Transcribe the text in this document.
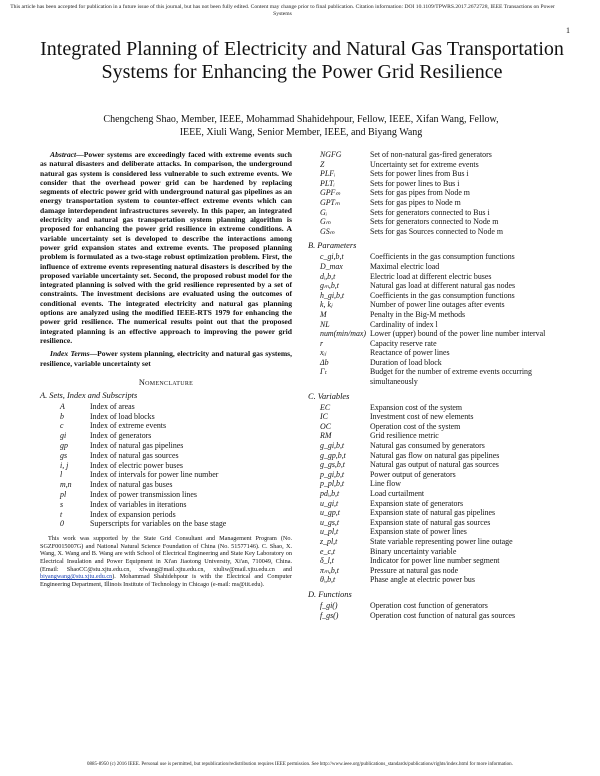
This article has been accepted for publication in a future issue of this journal, but has not been fully edited. Content may change prior to final publication. Citation information: DOI 10.1109/TPWRS.2017.2672728, IEEE Transactions on Power Systems
1
Integrated Planning of Electricity and Natural Gas Transportation Systems for Enhancing the Power Grid Resilience
Chengcheng Shao, Member, IEEE, Mohammad Shahidehpour, Fellow, IEEE, Xifan Wang, Fellow,
IEEE, Xiuli Wang, Senior Member, IEEE, and Biyang Wang

Abstract—Power systems are exceedingly faced with extreme events such as natural disasters and deliberate attacks. In comparison, the underground natural gas system is considered less vulnerable to such extreme events. We consider that the overhead power grid can be hardened by replacing segments of electric power grid with underground natural gas pipelines as an energy transportation system to counter-effect extreme events which can damage interdependent infrastructures severely. In this paper, an integrated electricity and natural gas transportation system planning algorithm is proposed for enhancing the power grid resilience in extreme conditions. A variable uncertainty set is developed to describe the interactions among power grid expansion states and extreme events. The proposed planning problem is formulated as a two-stage robust optimization problem. First, the influence of extreme events representing natural disasters is described by the proposed variable uncertainty set. Second, the proposed robust model for the integrated planning is solved with the grid resilience represented by a set of constraints. The investment decisions are evaluated using the outcomes of conditional events. The integrated electricity and natural gas planning options are analyzed using the modified IEEE-RTS 1979 for enhancing the power grid resilience. The numerical results point out that the proposed integrated planning is an effective approach to improving the power grid resilience.

Index Terms—Power system planning, electricity and natural gas systems, resilience, variable uncertainty set

Nomenclature
A. Sets, Index and Subscripts
A	Index of areas
b	Index of load blocks
c	Index of extreme events
gi	Index of generators
gp	Index of natural gas pipelines
gs	Index of natural gas sources
i, j	Index of electric power buses
l	Index of intervals for power line number
m,n	Index of natural gas buses
pl	Index of power transmission lines
s	Index of variables in iterations
t	Index of expansion periods
0	Superscripts for variables on the base stage

This work was supported by the State Grid Consultant and Management Program (No. SGZF0015007G) and National Natural Science Foundation of China (No. 51577146). C. Shao, X. Wang, X. Wang and B. Wang are with School of Electrical Engineering and State Key Laboratory on Electrical Insulation and Power Equipment in Xi'an Jiaotong University, Xi'an, 710049, China. (Email: ShaoCC@stu.xjtu.edu.cn, xfwang@mail.xjtu.edu.cn, xiuliw@mail.xjtu.edu.cn and biyangwang@stu.xjtu.edu.cn). Mohammad Shahidehpour is with the Electrical and Computer Engineering Department, Illinois Institute of Technology in Chicago (e-mail: ms@iit.edu).

NGFG	Set of non-natural gas-fired generators
Z	Uncertainty set for extreme events
PLFᵢ	Sets for power lines from Bus i
PLTᵢ	Sets for power lines to Bus i
GPFₘ	Sets for gas pipes from Node m
GPTₘ	Sets for gas pipes to Node m
Gᵢ	Sets for generators connected to Bus i
Gₘ	Sets for generators connected to Node m
GSₘ	Sets for gas Sources connected to Node m
B. Parameters
c_gi,b,t	Coefficients in the gas consumption functions
D_max	Maximal electric load
dᵢ,b,t	Electric load at different electric buses
gₘ,b,t	Natural gas load at different natural gas nodes
h_gi,b,t	Coefficients in the gas consumption functions
k, kⱼ	Number of power line outages after events
M	Penalty in the Big-M methods
NL	Cardinality of index l
num(min/max) Lower (upper) bound of the power line number interval
r	Capacity reserve rate
xᵢⱼ	Reactance of power lines
Δb	Duration of load block
Γₜ	Budget for the number of extreme events occurring simultaneously
C. Variables
EC	Expansion cost of the system
IC	Investment cost of new elements
OC	Operation cost of the system
RM	Grid resilience metric
g_gi,b,t	Natural gas consumed by generators
g_gp,b,t	Natural gas flow on natural gas pipelines
g_gs,b,t	Natural gas output of natural gas sources
p_gi,b,t	Power output of generators
p_pl,b,t	Line flow
pdᵢ,b,t	Load curtailment
u_gi,t	Expansion state of generators
u_gp,t	Expansion state of natural gas pipelines
u_gs,t	Expansion state of natural gas sources
u_pl,t	Expansion state of power lines
z_pl,t	State variable representing power line outage
e_c,t	Binary uncertainty variable
δ_l,t	Indicator for power line number segment
πₘ,b,t	Pressure at natural gas node
θᵢ,b,t	Phase angle at electric power bus
D. Functions
f_gi()	Operation cost function of generators
f_gs()	Operation cost function of natural gas sources
0885-8950 (c) 2016 IEEE. Personal use is permitted, but republication/redistribution requires IEEE permission. See http://www.ieee.org/publications_standards/publications/rights/index.html for more information.
